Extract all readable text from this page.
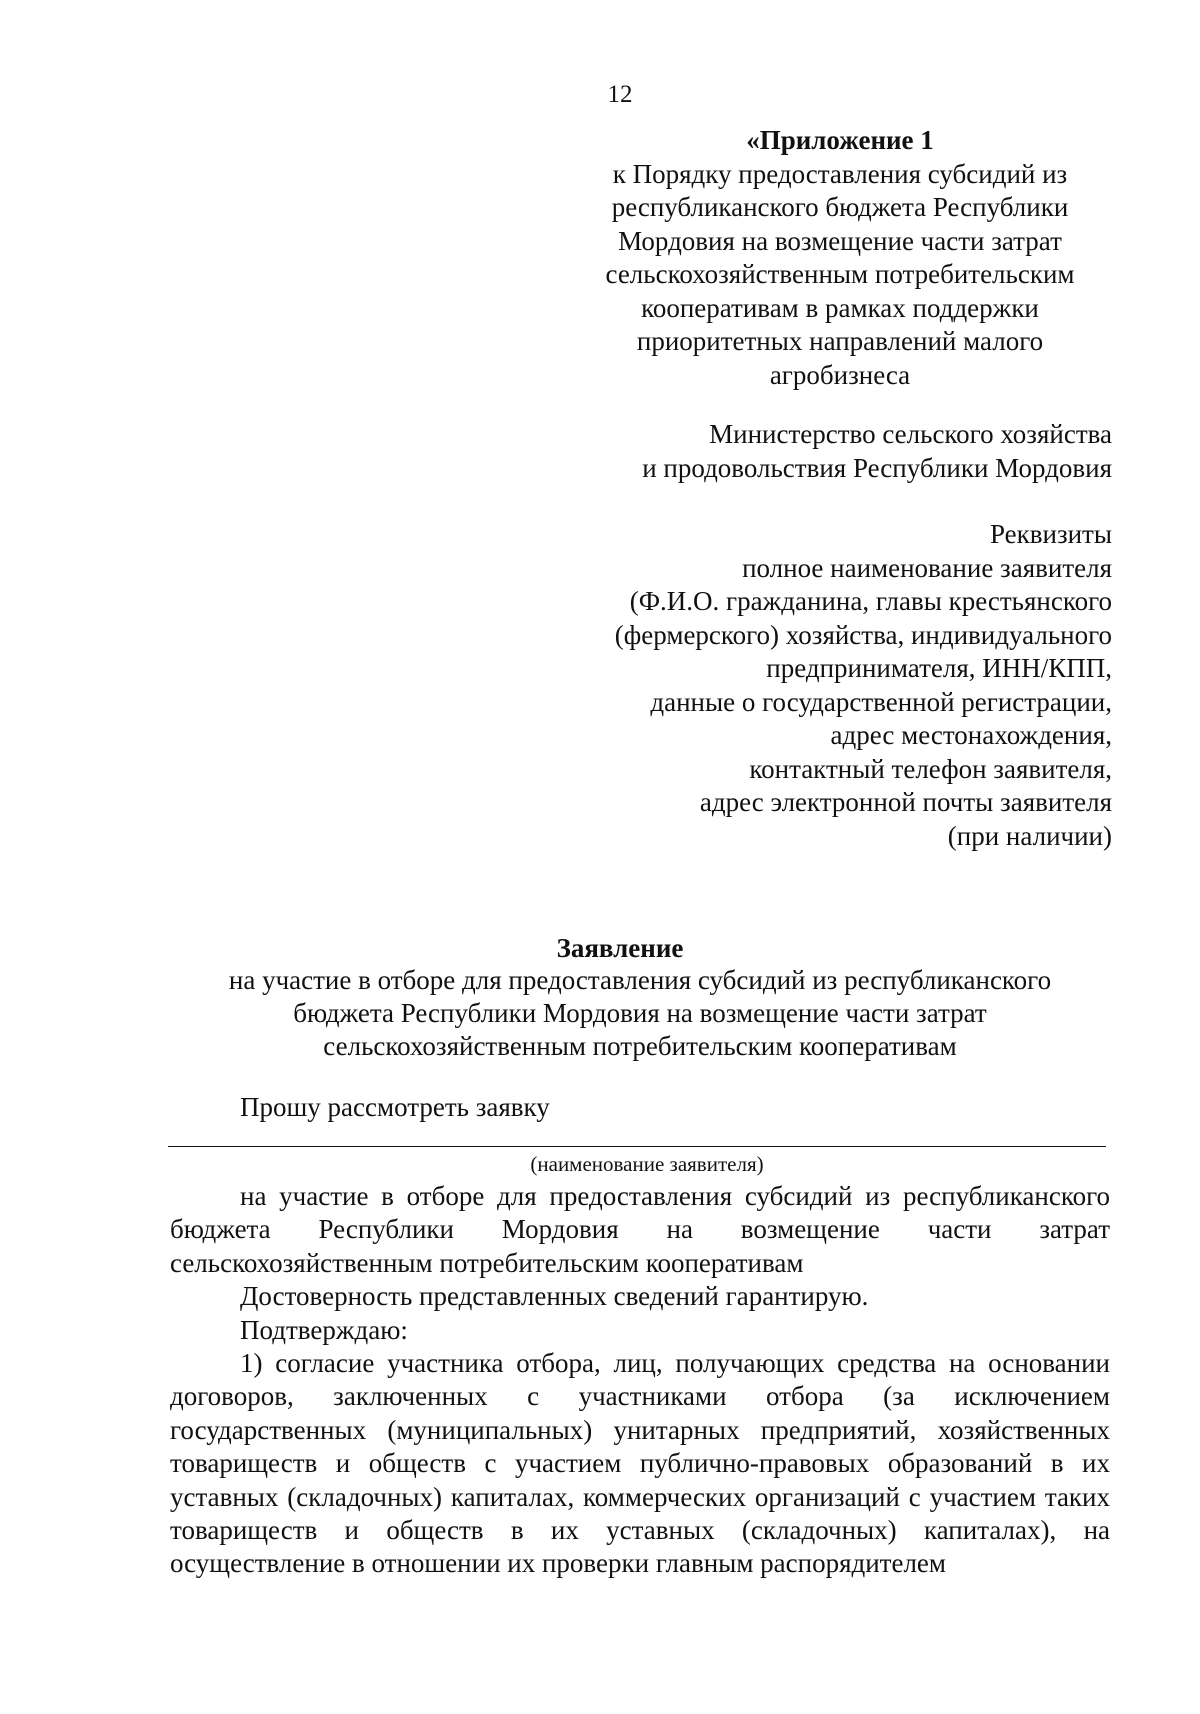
12
«Приложение 1
к Порядку предоставления субсидий из
республиканского бюджета Республики
Мордовия на возмещение части затрат
сельскохозяйственным потребительским
кооперативам в рамках поддержки
приоритетных направлений малого
агробизнеса
Министерство сельского хозяйства
и продовольствия Республики Мордовия
Реквизиты
полное наименование заявителя
(Ф.И.О. гражданина, главы крестьянского
(фермерского) хозяйства, индивидуального
предпринимателя, ИНН/КПП,
данные о государственной регистрации,
адрес местонахождения,
контактный телефон заявителя,
адрес электронной почты заявителя
(при наличии)
Заявление
на участие в отборе для предоставления субсидий из республиканского
бюджета Республики Мордовия на возмещение части затрат
сельскохозяйственным потребительским кооперативам
Прошу рассмотреть заявку
(наименование заявителя)

на участие в отборе для предоставления субсидий из республиканского бюджета Республики Мордовия на возмещение части затрат сельскохозяйственным потребительским кооперативам

Достоверность представленных сведений гарантирую.

Подтверждаю:

1) согласие участника отбора, лиц, получающих средства на основании договоров, заключенных с участниками отбора (за исключением государственных (муниципальных) унитарных предприятий, хозяйственных товариществ и обществ с участием публично-правовых образований в их уставных (складочных) капиталах, коммерческих организаций с участием таких товариществ и обществ в их уставных (складочных) капиталах), на осуществление в отношении их проверки главным распорядителем
